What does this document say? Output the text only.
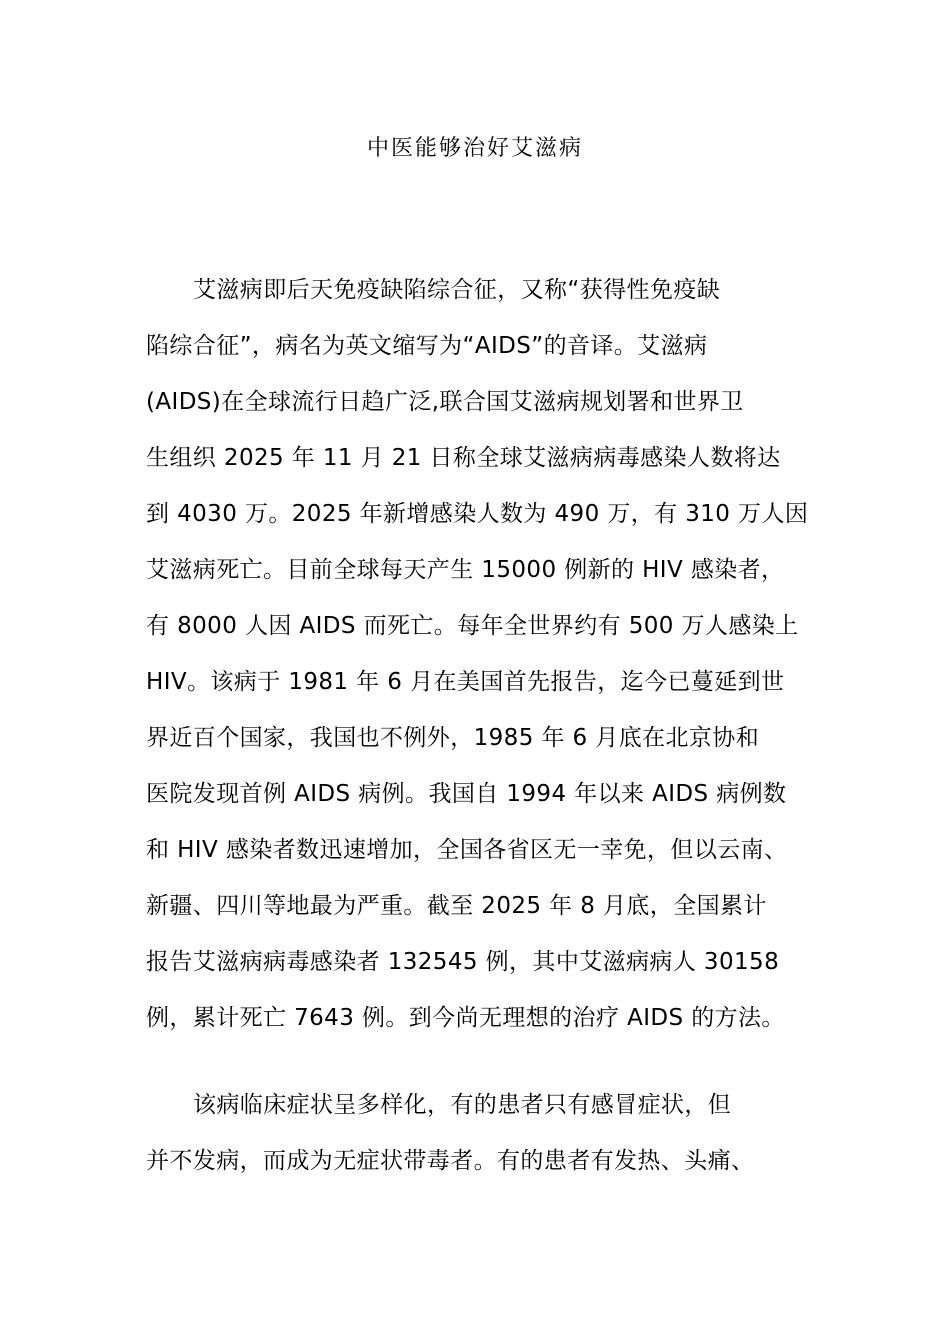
中医能够治好艾滋病
艾滋病即后天免疫缺陷综合征，又称“获得性免疫缺
陷综合征”，病名为英文缩写为“AIDS”的音译。艾滋病
(AIDS)在全球流行日趋广泛,联合国艾滋病规划署和世界卫
生组织 2025 年 11 月 21 日称全球艾滋病病毒感染人数将达
到 4030 万。2025 年新增感染人数为 490 万，有 310 万人因
艾滋病死亡。目前全球每天产生 15000 例新的 HIV 感染者，
有 8000 人因 AIDS 而死亡。每年全世界约有 500 万人感染上
HIV。该病于 1981 年 6 月在美国首先报告，迄今已蔓延到世
界近百个国家，我国也不例外，1985 年 6 月底在北京协和
医院发现首例 AIDS 病例。我国自 1994 年以来 AIDS 病例数
和 HIV 感染者数迅速增加，全国各省区无一幸免，但以云南、
新疆、四川等地最为严重。截至 2025 年 8 月底，全国累计
报告艾滋病病毒感染者 132545 例，其中艾滋病病人 30158
例，累计死亡 7643 例。到今尚无理想的治疗 AIDS 的方法。
该病临床症状呈多样化，有的患者只有感冒症状，但
并不发病，而成为无症状带毒者。有的患者有发热、头痛、
